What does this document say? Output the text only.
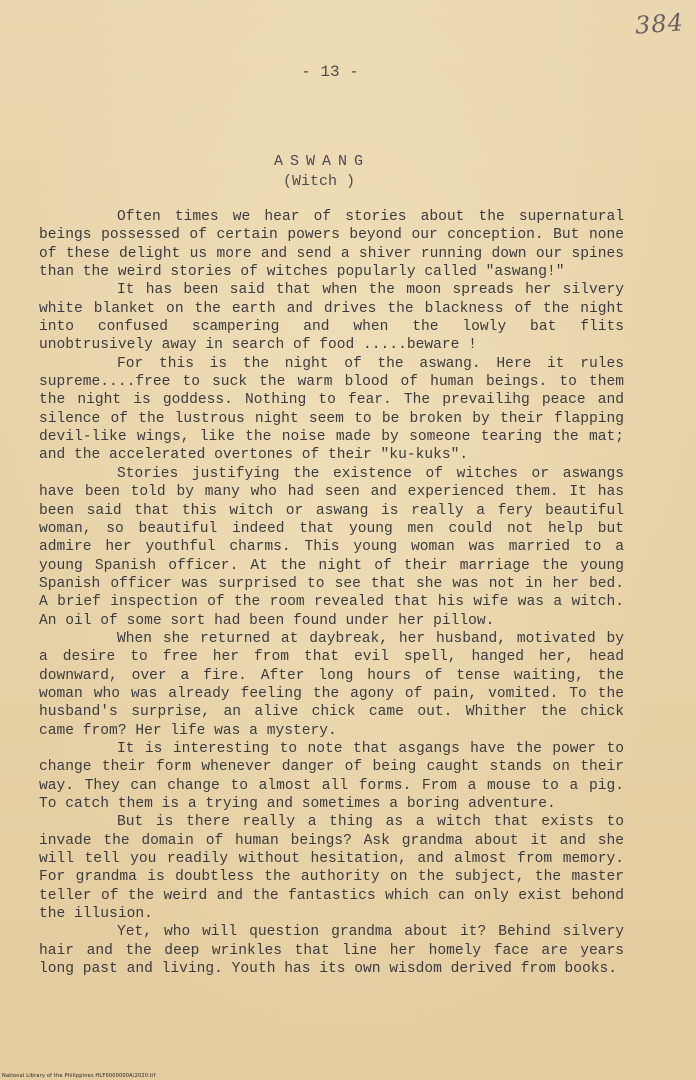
384
- 13 -
ASWANG
(Witch )

Often times we hear of stories about the supernatural beings possessed of certain powers beyond our conception. But none of these delight us more and send a shiver running down our spines than the weird stories of witches popularly called "aswang!"

It has been said that when the moon spreads her silvery white blanket on the earth and drives the blackness of the night into confused scampering and when the lowly bat flits unobtrusively away in search of food .....beware !

For this is the night of the aswang. Here it rules supreme....free to suck the warm blood of human beings. to them the night is goddess. Nothing to fear. The prevailihg peace and silence of the lustrous night seem to be broken by their flapping devil-like wings, like the noise made by someone tearing the mat; and the accelerated overtones of their "ku-kuks".

Stories justifying the existence of witches or aswangs have been told by many who had seen and experienced them. It has been said that this witch or aswang is really a fery beautiful woman, so beautiful indeed that young men could not help but admire her youthful charms. This young woman was married to a young Spanish officer. At the night of their marriage the young Spanish officer was surprised to see that she was not in her bed. A brief inspection of the room revealed that his wife was a witch. An oil of some sort had been found under her pillow.

When she returned at daybreak, her husband, motivated by a desire to free her from that evil spell, hanged her, head downward, over a fire. After long hours of tense waiting, the woman who was already feeling the agony of pain, vomited. To the husband's surprise, an alive chick came out. Whither the chick came from? Her life was a mystery.

It is interesting to note that asgangs have the power to change their form whenever danger of being caught stands on their way. They can change to almost all forms. From a mouse to a pig. To catch them is a trying and sometimes a boring adventure.

But is there really a thing as a witch that exists to invade the domain of human beings? Ask grandma about it and she will tell you readily without hesitation, and almost from memory. For grandma is doubtless the authority on the subject, the master teller of the weird and the fantastics which can only exist behond the illusion.

Yet, who will question grandma about it? Behind silvery hair and the deep wrinkles that line her homely face are years long past and living. Youth has its own wisdom derived from books.

National Library of the Philippines HLF0000000A/2020.tif
